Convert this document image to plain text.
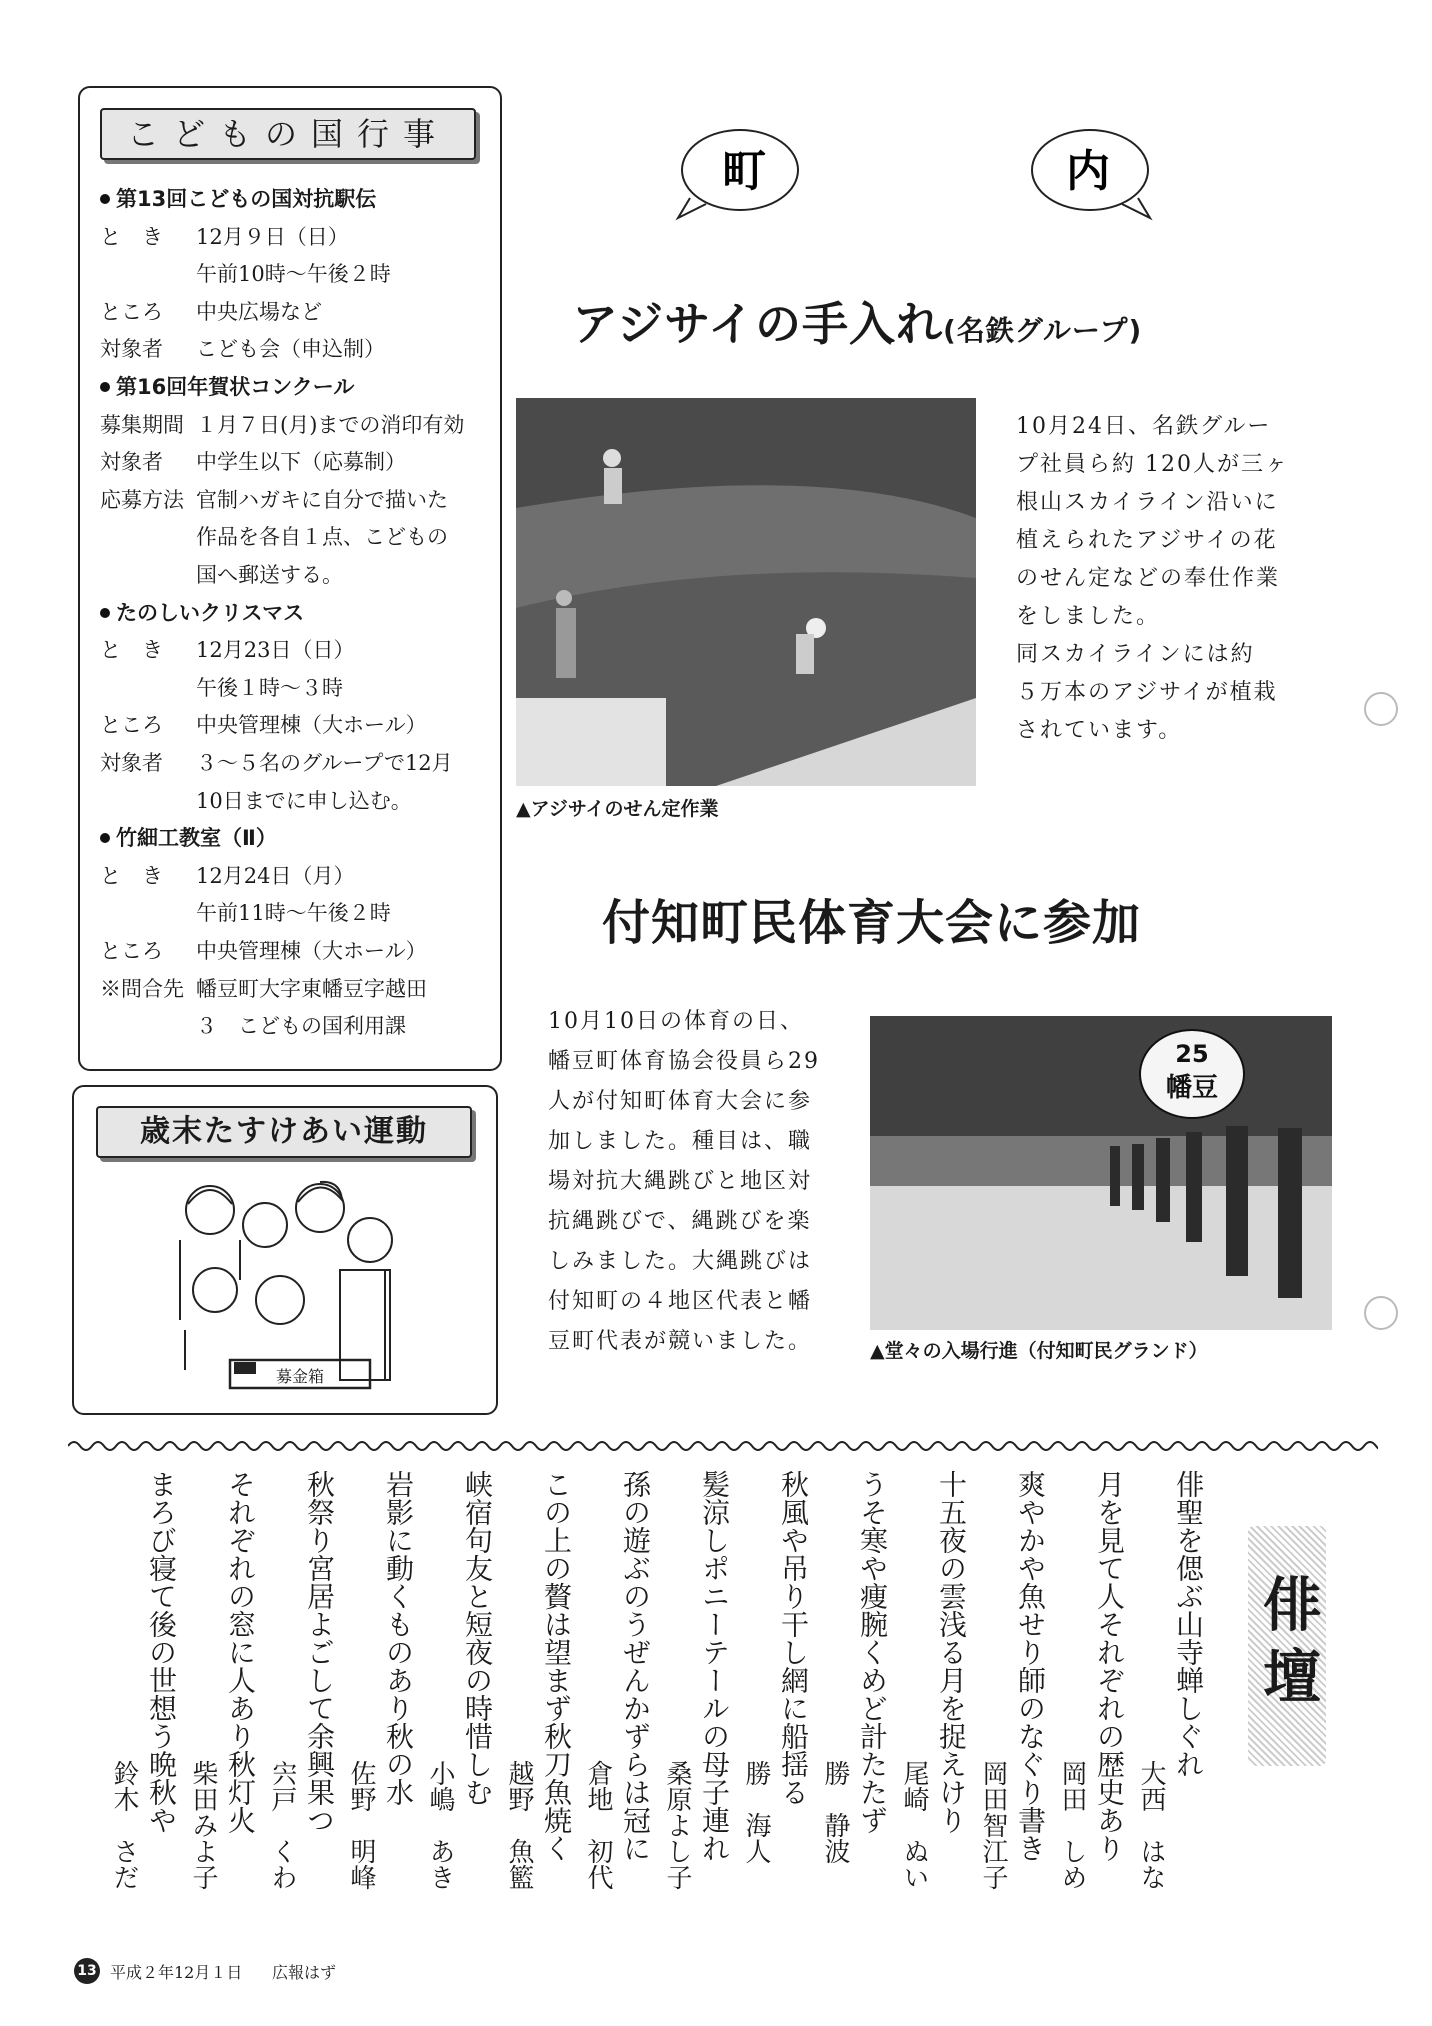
こどもの国行事
第13回こどもの国対抗駅伝
と　き 12月９日（日）
午前10時～午後２時
ところ 中央広場など
対象者 こども会（申込制）
第16回年賀状コンクール
募集期間 １月７日(月)までの消印有効
対象者 中学生以下（応募制）
応募方法 官制ハガキに自分で描いた
作品を各自１点、こどもの
国へ郵送する。
たのしいクリスマス
と　き 12月23日（日）
午後１時～３時
ところ 中央管理棟（大ホール）
対象者 ３～５名のグループで12月
10日までに申し込む。
竹細工教室（Ⅱ）
と　き 12月24日（月）
午前11時～午後２時
ところ 中央管理棟（大ホール）
※問合先 幡豆町大字東幡豆字越田
３　こどもの国利用課
歳末たすけあい運動
募金箱
町	内
アジサイの手入れ(名鉄グループ)
▲アジサイのせん定作業
10月24日、名鉄グルー
プ社員ら約 120人が三ヶ
根山スカイライン沿いに
植えられたアジサイの花
のせん定などの奉仕作業
をしました。
同スカイラインには約
５万本のアジサイが植栽
されています。
付知町民体育大会に参加
10月10日の体育の日、
幡豆町体育協会役員ら29
人が付知町体育大会に参
加しました。種目は、職
場対抗大縄跳びと地区対
抗縄跳びで、縄跳びを楽
しみました。大縄跳びは
付知町の４地区代表と幡
豆町代表が競いました。
25
幡豆
▲堂々の入場行進（付知町民グランド）
俳壇
俳聖を偲ぶ山寺蝉しぐれ
大西　はな
月を見て人それぞれの歴史あり
岡田　しめ
爽やかや魚せり師のなぐり書き
岡田智江子
十五夜の雲浅る月を捉えけり
尾崎　ぬい
うそ寒や痩腕くめど計たたず
勝　静波
秋風や吊り干し網に船揺る
勝　海人
髪涼しポニーテールの母子連れ
桑原よし子
孫の遊ぶのうぜんかずらは冠に
倉地　初代
この上の贅は望まず秋刀魚焼く
越野　魚籃
峡宿句友と短夜の時惜しむ
小嶋　あき
岩影に動くものあり秋の水
佐野　明峰
秋祭り宮居よごして余興果つ
宍戸　くわ
それぞれの窓に人あり秋灯火
柴田みよ子
まろび寝て後の世想う晩秋や
鈴木　さだ
13 平成２年12月１日 広報はず
